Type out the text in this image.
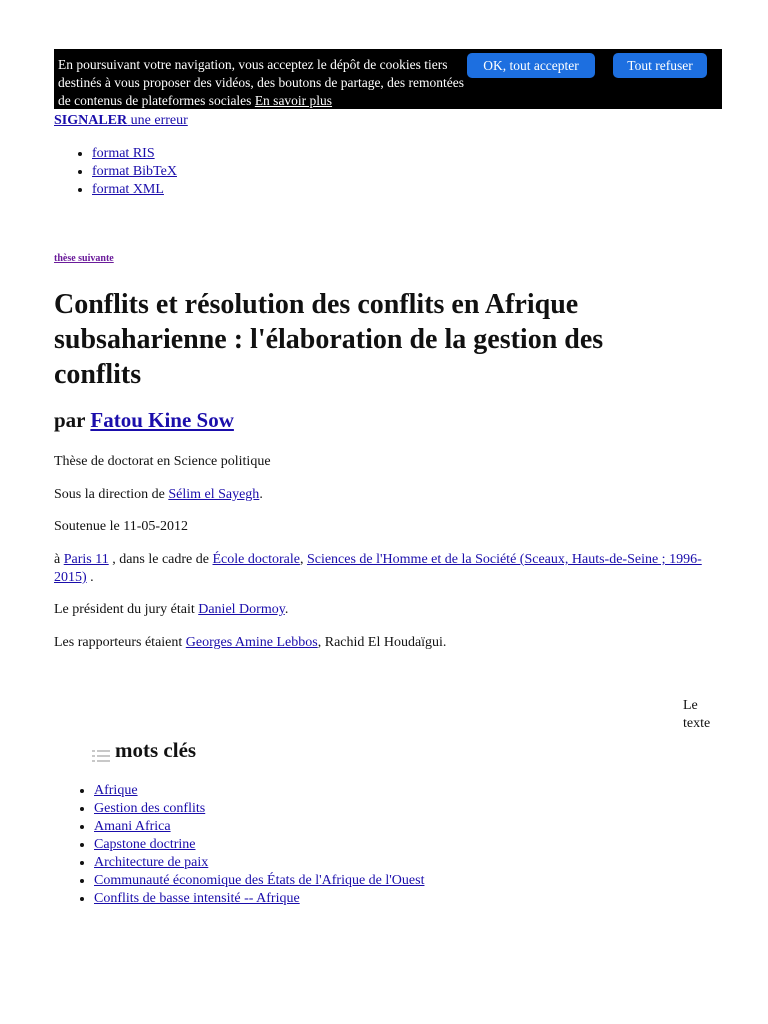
En poursuivant votre navigation, vous acceptez le dépôt de cookies tiers destinés à vous proposer des vidéos, des boutons de partage, des remontées de contenus de plateformes sociales En savoir plus
OK, tout accepter	Tout refuser
SIGNALER une erreur
• format RIS
• format BibTeX
• format XML
thèse suivante
Conflits et résolution des conflits en Afrique subsaharienne : l'élaboration de la gestion des conflits
par Fatou Kine Sow
Thèse de doctorat en Science politique
Sous la direction de Sélim el Sayegh.
Soutenue le 11-05-2012
à Paris 11 , dans le cadre de École doctorale, Sciences de l'Homme et de la Société (Sceaux, Hauts-de-Seine ; 1996-2015) .
Le président du jury était Daniel Dormoy.
Les rapporteurs étaient Georges Amine Lebbos, Rachid El Houdaïgui.
Le texte
mots clés
• Afrique
• Gestion des conflits
• Amani Africa
• Capstone doctrine
• Architecture de paix
• Communauté économique des États de l'Afrique de l'Ouest
• Conflits de basse intensité -- Afrique
